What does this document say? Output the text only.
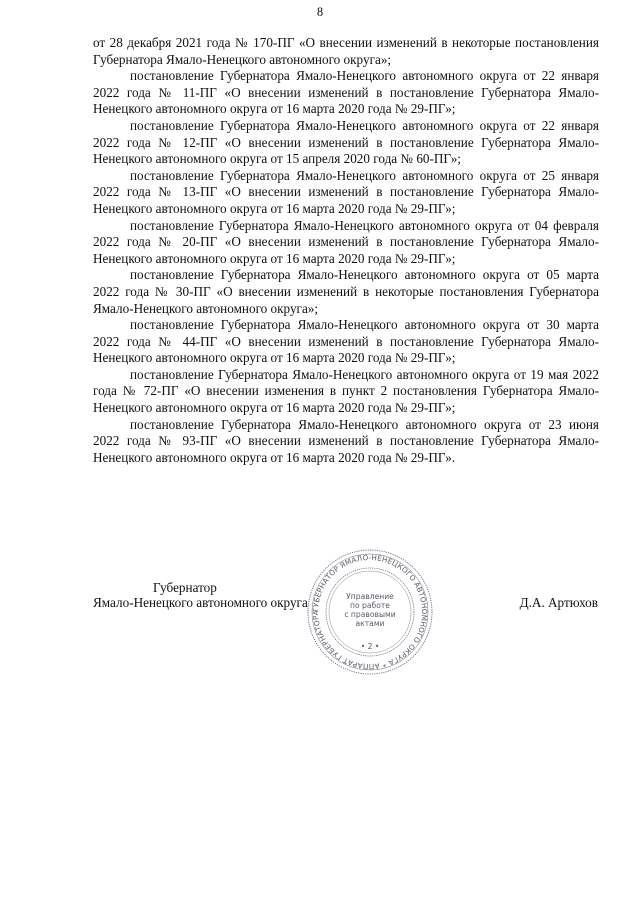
8

от 28 декабря 2021 года № 170-ПГ «О внесении изменений в некоторые постановления Губернатора Ямало-Ненецкого автономного округа»;

постановление Губернатора Ямало-Ненецкого автономного округа от 22 января 2022 года № 11-ПГ «О внесении изменений в постановление Губернатора Ямало-Ненецкого автономного округа от 16 марта 2020 года № 29-ПГ»;

постановление Губернатора Ямало-Ненецкого автономного округа от 22 января 2022 года № 12-ПГ «О внесении изменений в постановление Губернатора Ямало-Ненецкого автономного округа от 15 апреля 2020 года № 60-ПГ»;

постановление Губернатора Ямало-Ненецкого автономного округа от 25 января 2022 года № 13-ПГ «О внесении изменений в постановление Губернатора Ямало-Ненецкого автономного округа от 16 марта 2020 года № 29-ПГ»;

постановление Губернатора Ямало-Ненецкого автономного округа от 04 февраля 2022 года № 20-ПГ «О внесении изменений в постановление Губернатора Ямало-Ненецкого автономного округа от 16 марта 2020 года № 29-ПГ»;

постановление Губернатора Ямало-Ненецкого автономного округа от 05 марта 2022 года № 30-ПГ «О внесении изменений в некоторые постановления Губернатора Ямало-Ненецкого автономного округа»;

постановление Губернатора Ямало-Ненецкого автономного округа от 30 марта 2022 года № 44-ПГ «О внесении изменений в постановление Губернатора Ямало-Ненецкого автономного округа от 16 марта 2020 года № 29-ПГ»;

постановление Губернатора Ямало-Ненецкого автономного округа от 19 мая 2022 года № 72-ПГ «О внесении изменения в пункт 2 постановления Губернатора Ямало-Ненецкого автономного округа от 16 марта 2020 года № 29-ПГ»;

постановление Губернатора Ямало-Ненецкого автономного округа от 23 июня 2022 года № 93-ПГ «О внесении изменений в постановление Губернатора Ямало-Ненецкого автономного округа от 16 марта 2020 года № 29-ПГ».

Губернатор
Ямало-Ненецкого автономного округа	Д.А. Артюхов
ГУБЕРНАТОР ЯМАЛО-НЕНЕЦКОГО АВТОНОМНОГО ОКРУГА * АППАРАТ ГУБЕРНАТОРА
Управление
по работе
с правовыми
актами
• 2 •
